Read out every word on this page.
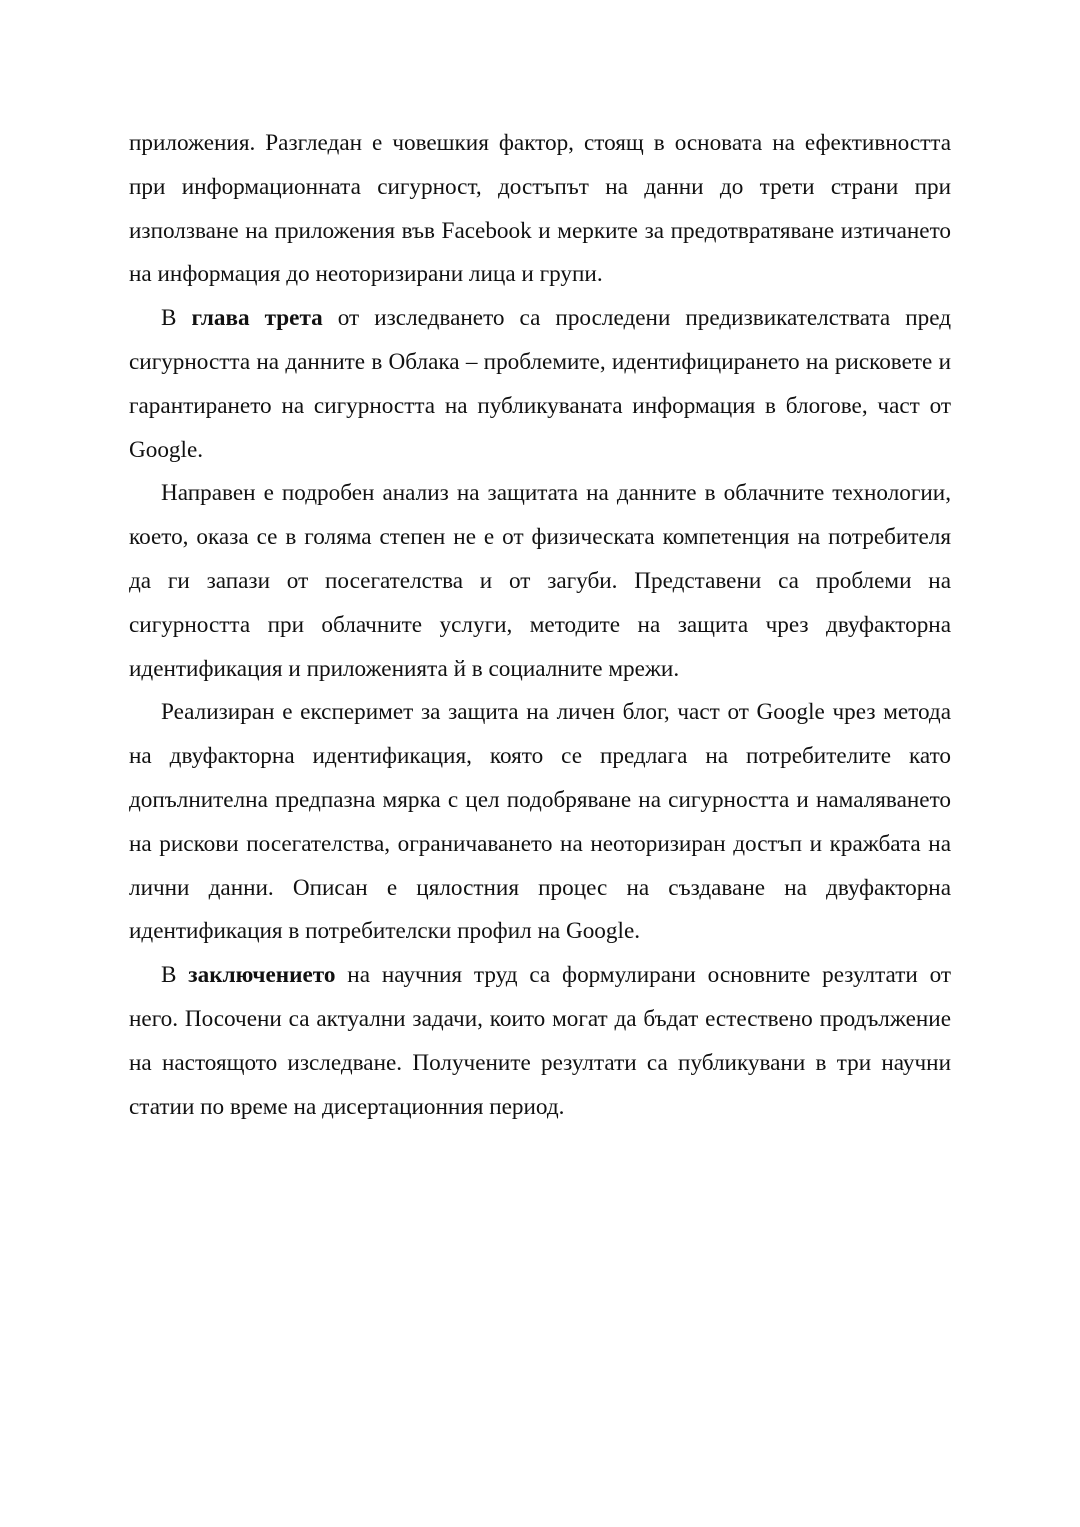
приложения. Разгледан е човешкия фактор, стоящ в основата на ефективността при информационната сигурност, достъпът на данни до трети страни при използване на приложения във Facebook и мерките за предотвратяване изтичането на информация до неоторизирани лица и групи.

В глава трета от изследването са проследени предизвикателствата пред сигурността на данните в Облака – проблемите, идентифицирането на рисковете и гарантирането на сигурността на публикуваната информация в блогове, част от Google.

Направен е подробен анализ на защитата на данните в облачните технологии, което, оказа се в голяма степен не е от физическата компетенция на потребителя да ги запази от посегателства и от загуби. Представени са проблеми на сигурността при облачните услуги, методите на защита чрез двуфакторна идентификация и приложенията й в социалните мрежи.

Реализиран е експеримет за защита на личен блог, част от Google чрез метода на двуфакторна идентификация, която се предлага на потребителите като допълнителна предпазна мярка с цел подобряване на сигурността и намаляването на рискови посегателства, ограничаването на неоторизиран достъп и кражбата на лични данни. Описан е цялостния процес на създаване на двуфакторна идентификация в потребителски профил на Google.

В заключението на научния труд са формулирани основните резултати от него. Посочени са актуални задачи, които могат да бъдат естествено продължение на настоящото изследване. Получените резултати са публикувани в три научни статии по време на дисертационния период.
